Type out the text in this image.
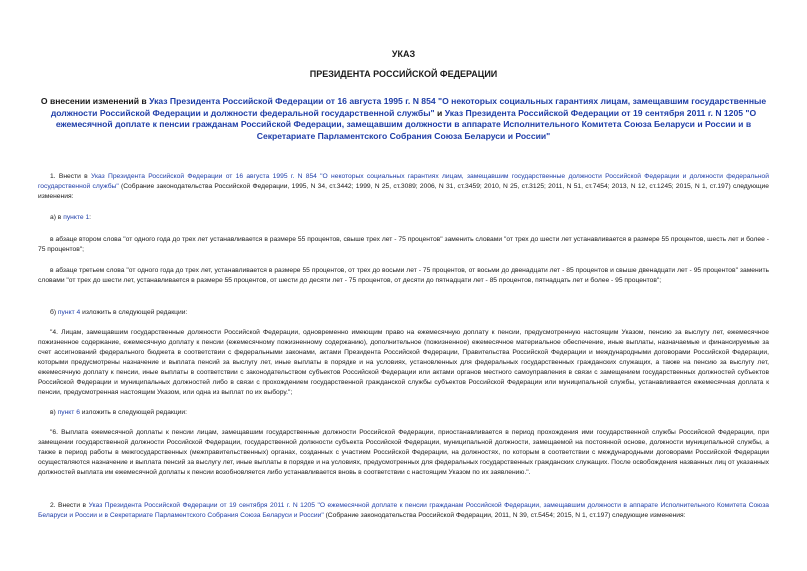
УКАЗ
ПРЕЗИДЕНТА РОССИЙСКОЙ ФЕДЕРАЦИИ
О внесении изменений в Указ Президента Российской Федерации от 16 августа 1995 г. N 854 "О некоторых социальных гарантиях лицам, замещавшим государственные должности Российской Федерации и должности федеральной государственной службы" и Указ Президента Российской Федерации от 19 сентября 2011 г. N 1205 "О ежемесячной доплате к пенсии гражданам Российской Федерации, замещавшим должности в аппарате Исполнительного Комитета Союза Беларуси и России и в Секретариате Парламентского Собрания Союза Беларуси и России"
1. Внести в Указ Президента Российской Федерации от 16 августа 1995 г. N 854 "О некоторых социальных гарантиях лицам, замещавшим государственные должности Российской Федерации и должности федеральной государственной службы" (Собрание законодательства Российской Федерации, 1995, N 34, ст.3442; 1999, N 25, ст.3089; 2006, N 31, ст.3459; 2010, N 25, ст.3125; 2011, N 51, ст.7454; 2013, N 12, ст.1245; 2015, N 1, ст.197) следующие изменения:
а) в пункте 1:
в абзаце втором слова "от одного года до трех лет устанавливается в размере 55 процентов, свыше трех лет - 75 процентов" заменить словами "от трех до шести лет устанавливается в размере 55 процентов, шесть лет и более - 75 процентов";
в абзаце третьем слова "от одного года до трех лет, устанавливается в размере 55 процентов, от трех до восьми лет - 75 процентов, от восьми до двенадцати лет - 85 процентов и свыше двенадцати лет - 95 процентов" заменить словами "от трех до шести лет, устанавливается в размере 55 процентов, от шести до десяти лет - 75 процентов, от десяти до пятнадцати лет - 85 процентов, пятнадцать лет и более - 95 процентов";
б) пункт 4 изложить в следующей редакции:
"4. Лицам, замещавшим государственные должности Российской Федерации, одновременно имеющим право на ежемесячную доплату к пенсии, предусмотренную настоящим Указом, пенсию за выслугу лет, ежемесячное пожизненное содержание, ежемесячную доплату к пенсии (ежемесячному пожизненному содержанию), дополнительное (пожизненное) ежемесячное материальное обеспечение, иные выплаты, назначаемые и финансируемые за счет ассигнований федерального бюджета в соответствии с федеральными законами, актами Президента Российской Федерации, Правительства Российской Федерации и международными договорами Российской Федерации, которыми предусмотрены назначение и выплата пенсий за выслугу лет, иные выплаты в порядке и на условиях, установленных для федеральных государственных гражданских служащих, а также на пенсию за выслугу лет, ежемесячную доплату к пенсии, иные выплаты в соответствии с законодательством субъектов Российской Федерации или актами органов местного самоуправления в связи с замещением государственных должностей субъектов Российской Федерации и муниципальных должностей либо в связи с прохождением государственной гражданской службы субъектов Российской Федерации или муниципальной службы, устанавливается ежемесячная доплата к пенсии, предусмотренная настоящим Указом, или одна из выплат по их выбору.";
в) пункт 6 изложить в следующей редакции:
"6. Выплата ежемесячной доплаты к пенсии лицам, замещавшим государственные должности Российской Федерации, приостанавливается в период прохождения ими государственной службы Российской Федерации, при замещении государственной должности Российской Федерации, государственной должности субъекта Российской Федерации, муниципальной должности, замещаемой на постоянной основе, должности муниципальной службы, а также в период работы в межгосударственных (межправительственных) органах, созданных с участием Российской Федерации, на должностях, по которым в соответствии с международными договорами Российской Федерации осуществляются назначение и выплата пенсий за выслугу лет, иные выплаты в порядке и на условиях, предусмотренных для федеральных государственных гражданских служащих. После освобождения названных лиц от указанных должностей выплата им ежемесячной доплаты к пенсии возобновляется либо устанавливается вновь в соответствии с настоящим Указом по их заявлению.".
2. Внести в Указ Президента Российской Федерации от 19 сентября 2011 г. N 1205 "О ежемесячной доплате к пенсии гражданам Российской Федерации, замещавшим должности в аппарате Исполнительного Комитета Союза Беларуси и России и в Секретариате Парламентского Собрания Союза Беларуси и России" (Собрание законодательства Российской Федерации, 2011, N 39, ст.5454; 2015, N 1, ст.197) следующие изменения:
